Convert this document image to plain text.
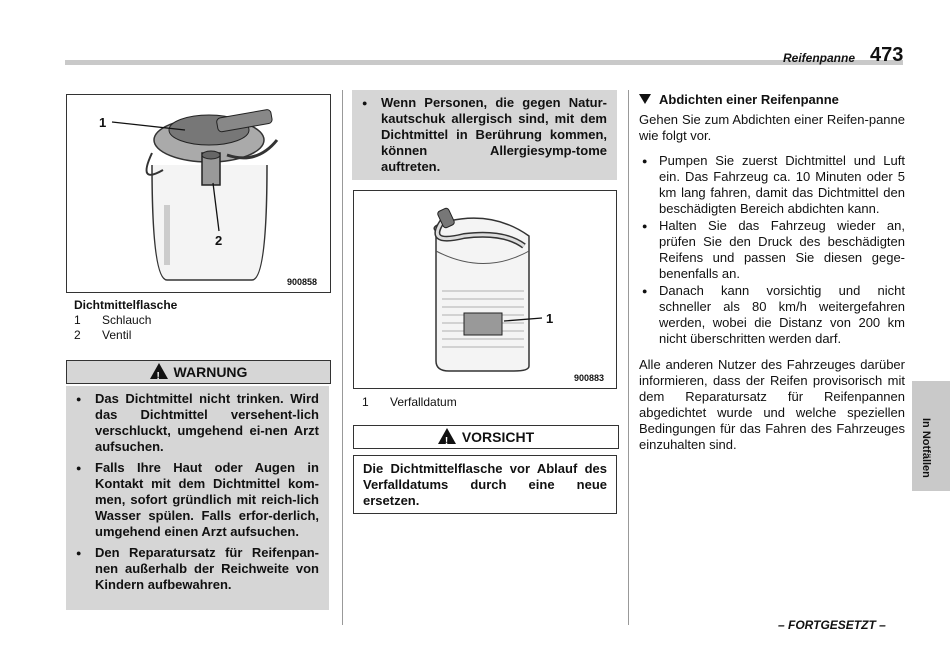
Reifenpanne 473
1
2
900858
Dichtmittelflasche
1 Schlauch
2 Ventil
!WARNUNG
● Das Dichtmittel nicht trinken. Wird das Dichtmittel versehent-lich verschluckt, umgehend ei-nen Arzt aufsuchen.
● Falls Ihre Haut oder Augen in Kontakt mit dem Dichtmittel kom-men, sofort gründlich mit reich-lich Wasser spülen. Falls erfor-derlich, umgehend einen Arzt aufsuchen.
● Den Reparatursatz für Reifenpan-nen außerhalb der Reichweite von Kindern aufbewahren.
● Wenn Personen, die gegen Natur-kautschuk allergisch sind, mit dem Dichtmittel in Berührung kommen, können Allergiesymp-tome auftreten.
1
900883
1 Verfalldatum
!VORSICHT
Die Dichtmittelflasche vor Ablauf des Verfalldatums durch eine neue ersetzen.
Abdichten einer Reifenpanne

Gehen Sie zum Abdichten einer Reifen-panne wie folgt vor.

● Pumpen Sie zuerst Dichtmittel und Luft ein. Das Fahrzeug ca. 10 Minuten oder 5 km lang fahren, damit das Dichtmittel den beschädigten Bereich abdichten kann.
● Halten Sie das Fahrzeug wieder an, prüfen Sie den Druck des beschädigten Reifens und passen Sie diesen gege-benenfalls an.
● Danach kann vorsichtig und nicht schneller als 80 km/h weitergefahren werden, wobei die Distanz von 200 km nicht überschritten werden darf.

Alle anderen Nutzer des Fahrzeuges darüber informieren, dass der Reifen provisorisch mit dem Reparatursatz für Reifenpannen abgedichtet wurde und welche speziellen Bedingungen für das Fahren des Fahrzeuges einzuhalten sind.	In Notfällen
– FORTGESETZT –
